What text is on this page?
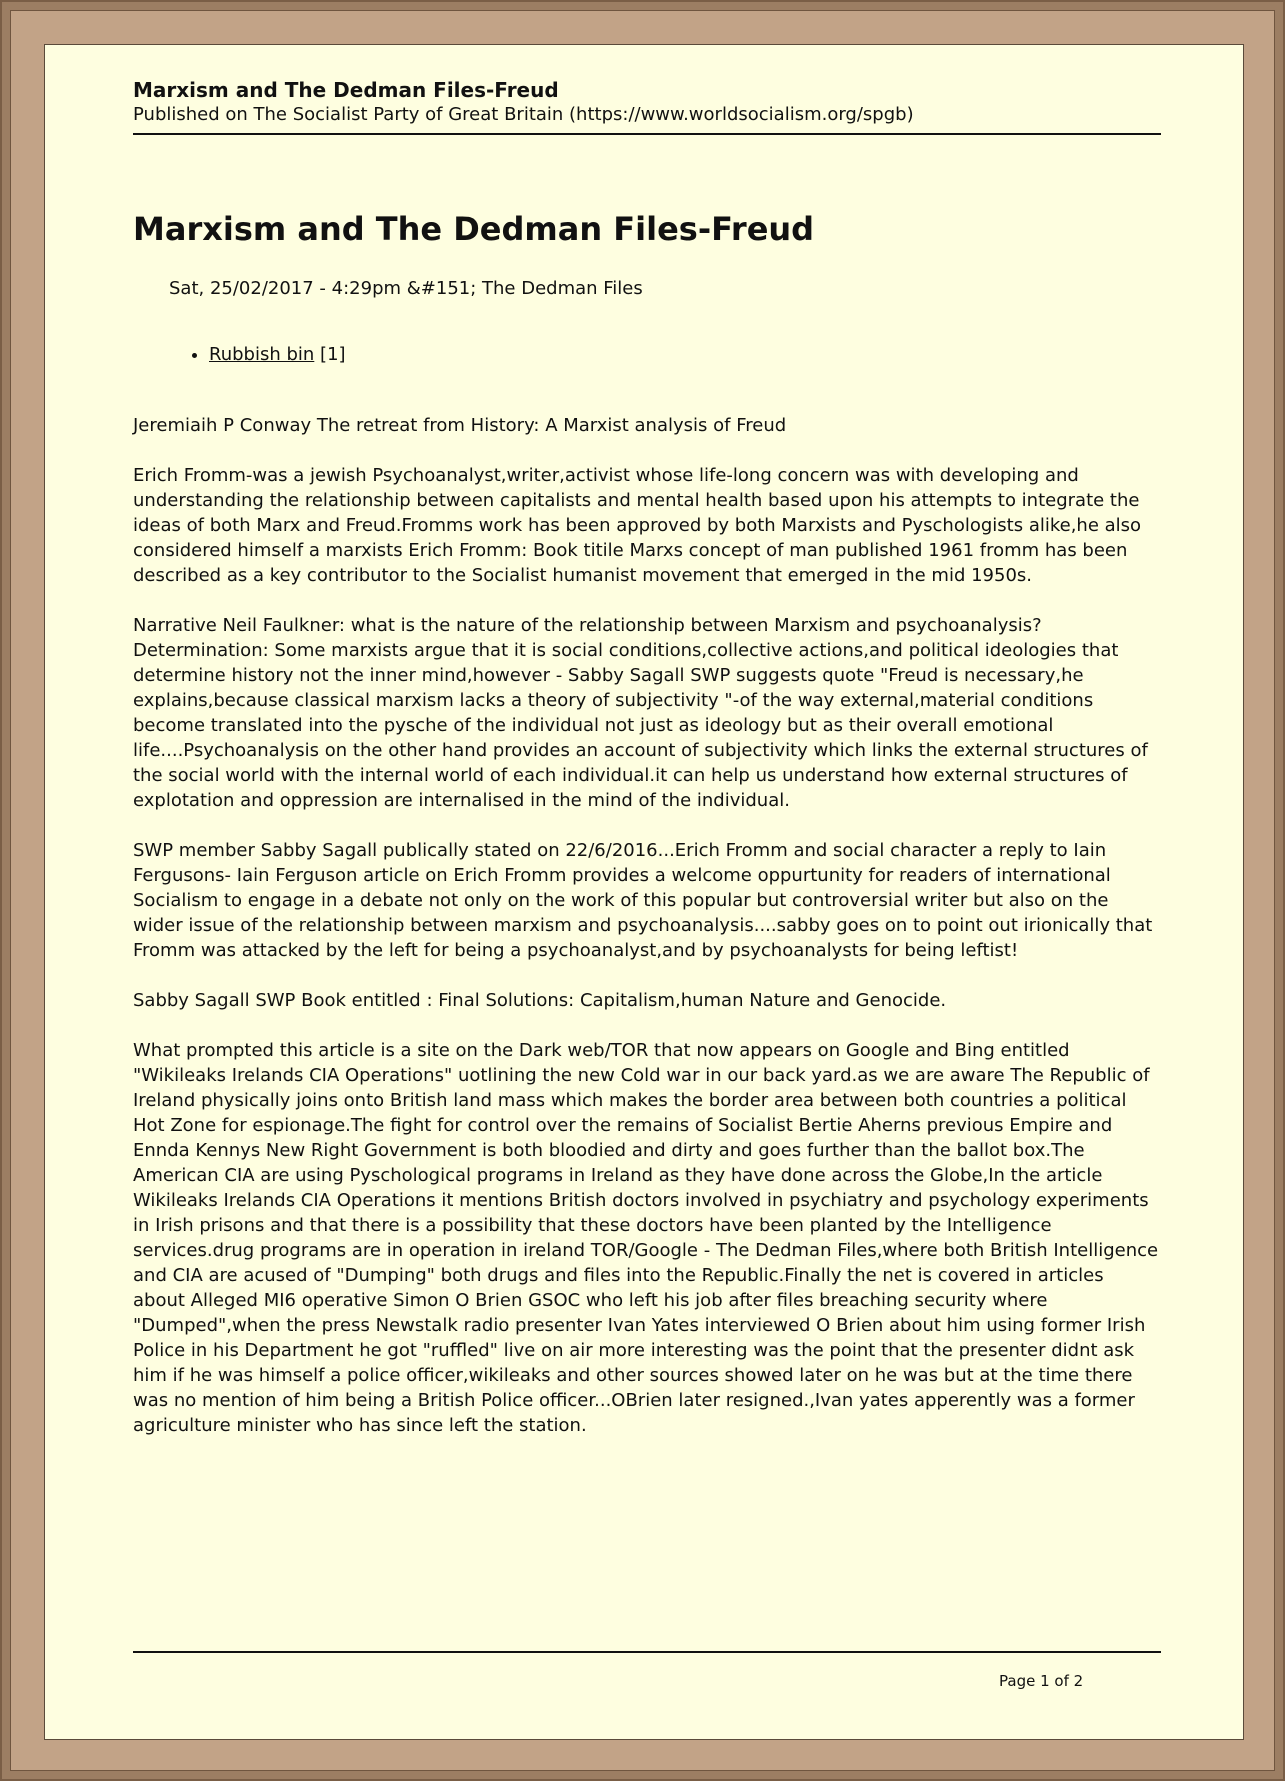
Marxism and The Dedman Files-Freud
Published on The Socialist Party of Great Britain (https://www.worldsocialism.org/spgb)
Marxism and The Dedman Files-Freud
Sat, 25/02/2017 - 4:29pm &#151; The Dedman Files
• Rubbish bin [1]

Jeremiaih P Conway The retreat from History: A Marxist analysis of Freud

Erich Fromm-was a jewish Psychoanalyst,writer,activist whose life-long concern was with developing and understanding the relationship between capitalists and mental health based upon his attempts to integrate the ideas of both Marx and Freud.Fromms work has been approved by both Marxists and Pyschologists alike,he also considered himself a marxists Erich Fromm: Book titile Marxs concept of man published 1961 fromm has been described as a key contributor to the Socialist humanist movement that emerged in the mid 1950s.

Narrative Neil Faulkner: what is the nature of the relationship between Marxism and psychoanalysis? Determination: Some marxists argue that it is social conditions,collective actions,and political ideologies that determine history not the inner mind,however - Sabby Sagall SWP suggests quote "Freud is necessary,he explains,because classical marxism lacks a theory of subjectivity "-of the way external,material conditions become translated into the pysche of the individual not just as ideology but as their overall emotional life....Psychoanalysis on the other hand provides an account of subjectivity which links the external structures of the social world with the internal world of each individual.it can help us understand how external structures of explotation and oppression are internalised in the mind of the individual.

SWP member Sabby Sagall publically stated on 22/6/2016...Erich Fromm and social character a reply to Iain Fergusons- Iain Ferguson article on Erich Fromm provides a welcome oppurtunity for readers of international Socialism to engage in a debate not only on the work of this popular but controversial writer but also on the wider issue of the relationship between marxism and psychoanalysis....sabby goes on to point out irionically that Fromm was attacked by the left for being a psychoanalyst,and by psychoanalysts for being leftist!

Sabby Sagall SWP Book entitled : Final Solutions: Capitalism,human Nature and Genocide.

What prompted this article is a site on the Dark web/TOR that now appears on Google and Bing entitled "Wikileaks Irelands CIA Operations" uotlining the new Cold war in our back yard.as we are aware The Republic of Ireland physically joins onto British land mass which makes the border area between both countries a political Hot Zone for espionage.The fight for control over the remains of Socialist Bertie Aherns previous Empire and Ennda Kennys New Right Government is both bloodied and dirty and goes further than the ballot box.The American CIA are using Pyschological programs in Ireland as they have done across the Globe,In the article Wikileaks Irelands CIA Operations it mentions British doctors involved in psychiatry and psychology experiments in Irish prisons and that there is a possibility that these doctors have been planted by the Intelligence services.drug programs are in operation in ireland TOR/Google - The Dedman Files,where both British Intelligence and CIA are acused of "Dumping" both drugs and files into the Republic.Finally the net is covered in articles about Alleged MI6 operative Simon O Brien GSOC who left his job after files breaching security where "Dumped",when the press Newstalk radio presenter Ivan Yates interviewed O Brien about him using former Irish Police in his Department he got "ruffled" live on air more interesting was the point that the presenter didnt ask him if he was himself a police officer,wikileaks and other sources showed later on he was but at the time there was no mention of him being a British Police officer...OBrien later resigned.,Ivan yates apperently was a former agriculture minister who has since left the station.

Page 1 of 2
